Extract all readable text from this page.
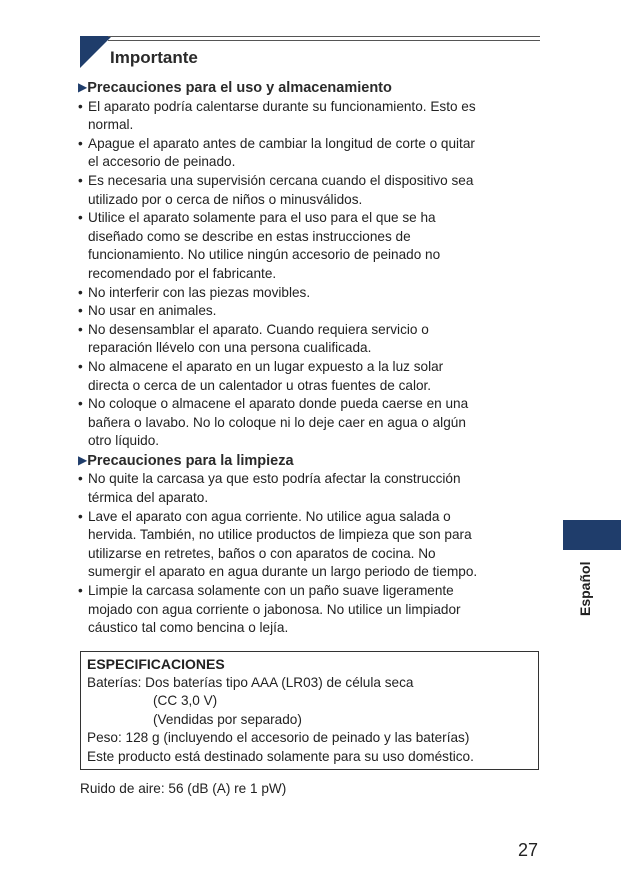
Importante
▶Precauciones para el uso y almacenamiento
• El aparato podría calentarse durante su funcionamiento. Esto es
normal.
• Apague el aparato antes de cambiar la longitud de corte o quitar
el accesorio de peinado.
• Es necesaria una supervisión cercana cuando el dispositivo sea
utilizado por o cerca de niños o minusválidos.
• Utilice el aparato solamente para el uso para el que se ha
diseñado como se describe en estas instrucciones de
funcionamiento. No utilice ningún accesorio de peinado no
recomendado por el fabricante.
• No interferir con las piezas movibles.
• No usar en animales.
• No desensamblar el aparato. Cuando requiera servicio o
reparación llévelo con una persona cualificada.
• No almacene el aparato en un lugar expuesto a la luz solar
directa o cerca de un calentador u otras fuentes de calor.
• No coloque o almacene el aparato donde pueda caerse en una
bañera o lavabo. No lo coloque ni lo deje caer en agua o algún
otro líquido.
▶Precauciones para la limpieza
• No quite la carcasa ya que esto podría afectar la construcción
térmica del aparato.
• Lave el aparato con agua corriente. No utilice agua salada o
hervida. También, no utilice productos de limpieza que son para
utilizarse en retretes, baños o con aparatos de cocina. No
sumergir el aparato en agua durante un largo periodo de tiempo.
• Limpie la carcasa solamente con un paño suave ligeramente
mojado con agua corriente o jabonosa. No utilice un limpiador
cáustico tal como bencina o lejía.
ESPECIFICACIONES
Baterías: Dos baterías tipo AAA (LR03) de célula seca
(CC 3,0 V)
(Vendidas por separado)
Peso: 128 g (incluyendo el accesorio de peinado y las baterías)
Este producto está destinado solamente para su uso doméstico.
Ruido de aire: 56 (dB (A) re 1 pW)
Español
27
